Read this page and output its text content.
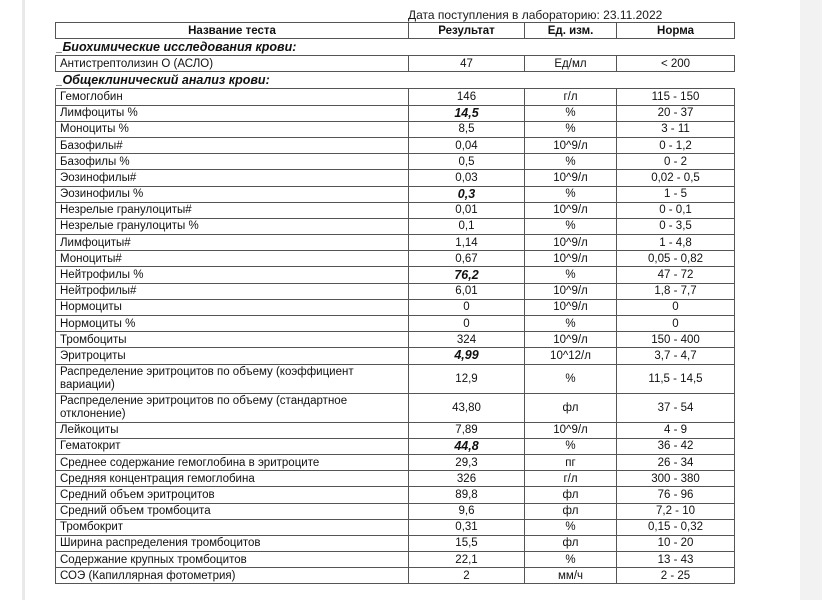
Дата поступления в лабораторию: 23.11.2022
Название теста	Результат	Ед. изм.	Норма
_Биохимические исследования крови:			
Антистрептолизин О (АСЛО)	47	Ед/мл	< 200
_Общеклинический анализ крови:			
Гемоглобин	146	г/л	115 - 150
Лимфоциты %	14,5	%	20 - 37
Моноциты %	8,5	%	3 - 11
Базофилы#	0,04	10^9/л	0 - 1,2
Базофилы %	0,5	%	0 - 2
Эозинофилы#	0,03	10^9/л	0,02 - 0,5
Эозинофилы %	0,3	%	1 - 5
Незрелые гранулоциты#	0,01	10^9/л	0 - 0,1
Незрелые гранулоциты %	0,1	%	0 - 3,5
Лимфоциты#	1,14	10^9/л	1 - 4,8
Моноциты#	0,67	10^9/л	0,05 - 0,82
Нейтрофилы %	76,2	%	47 - 72
Нейтрофилы#	6,01	10^9/л	1,8 - 7,7
Нормоциты	0	10^9/л	0
Нормоциты %	0	%	0
Тромбоциты	324	10^9/л	150 - 400
Эритроциты	4,99	10^12/л	3,7 - 4,7
Распределение эритроцитов по объему (коэффициент вариации)	12,9	%	11,5 - 14,5
Распределение эритроцитов по объему (стандартное отклонение)	43,80	фл	37 - 54
Лейкоциты	7,89	10^9/л	4 - 9
Гематокрит	44,8	%	36 - 42
Среднее содержание гемоглобина в эритроците	29,3	пг	26 - 34
Средняя концентрация гемоглобина	326	г/л	300 - 380
Средний объем эритроцитов	89,8	фл	76 - 96
Средний объем тромбоцита	9,6	фл	7,2 - 10
Тромбокрит	0,31	%	0,15 - 0,32
Ширина распределения тромбоцитов	15,5	фл	10 - 20
Содержание крупных тромбоцитов	22,1	%	13 - 43
СОЭ (Капиллярная фотометрия)	2	мм/ч	2 - 25
